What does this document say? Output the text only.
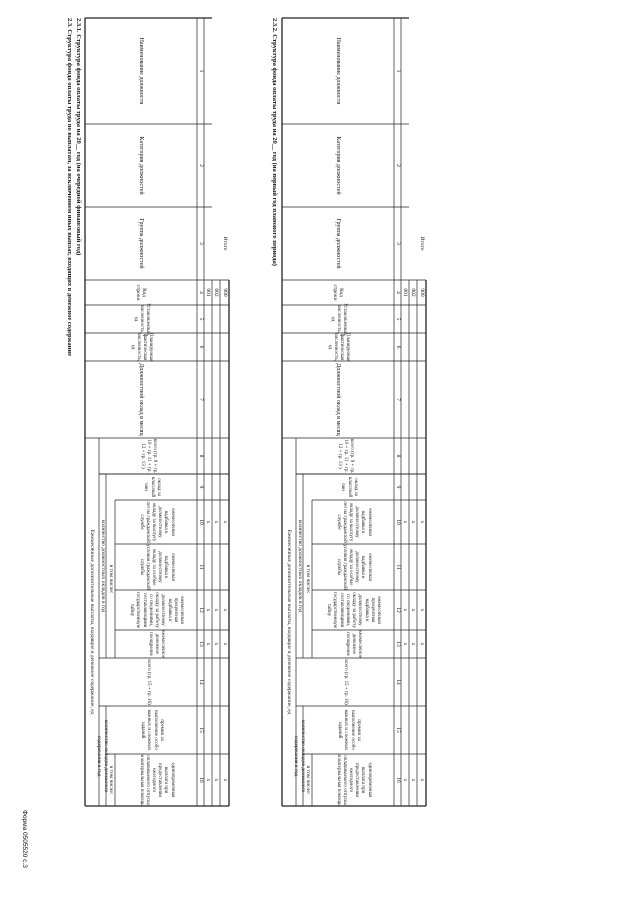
Форма 0505520 с.3
2.3. Структура фонда оплаты труда по выплатам, за исключением иных выплат, входящих в денежное содержание 2.3.1. Структура фонда оплаты труда на 20__ год (на очередной финансовый год)	2.3.2. Структура фонда оплаты труда на 20__ год (на первый год планового периода)
Наименование должности
Категория должностей
Группа должностей
Код строки
Установленная численность, ед
Планируемая фактическая численность, ед
Должностной оклад в месяц
Ежемесячные дополнительные выплаты, входящие в денежное содержание, ед количество должностных окладов в год
всего (гр. 9 + гр. 10 + гр. 11 + гр. 12 + гр. 13 )
в том числе:
оклад за классный чин
ежемесячная надбавка к должностному окладу за выслугу лет на гражданской службе
ежемесячная надбавка к должностному окладу за особые условия гражданской службы
ежемесячная процентная надбавка к должностному окладу за работу со сведениями, составляющими государственную тайну
ежемесячное денежное поощрение
количество окладов денежного содержания в год
всего (гр. 15 + гр. 16)
в том числе:
премии за выполнение особо важных и сложных заданий
единовременная выплата при предоставлении ежегодного оплачиваемого отпуска и материальная помощь
1
2
3
4
5
6
7
8
9
10
11
12
13
14
15
16
001 002 900
Итого
x x x
x x x
x x x
x x x
Наименование должности
Категория должностей
Группа должностей
Код строки
Установленная численность, ед
Планируемая фактическая численность, ед
Должностной оклад в месяц
Ежемесячные дополнительные выплаты, входящие в денежное содержание, ед количество должностных окладов в год
всего (гр. 9 + гр. 10 + гр. 11 + гр. 12 + гр. 13 )
в том числе:
оклад за классный чин
ежемесячная надбавка к должностному окладу за выслугу лет на гражданской службе
ежемесячная надбавка к должностному окладу за особые условия гражданской службы
ежемесячная процентная надбавка к должностному окладу за работу со сведениями, составляющими государственную тайну
ежемесячное денежное поощрение
количество окладов денежного содержания в год
всего (гр. 15 + гр. 16)
в том числе:
премии за выполнение особо важных и сложных заданий
единовременная выплата при предоставлении ежегодного оплачиваемого отпуска и материальная помощь
1
2
3
4
5
6
7
8
9
10
11
12
13
14
15
16
001 002 900
Итого
x x x
x x x
x x x
x x x
